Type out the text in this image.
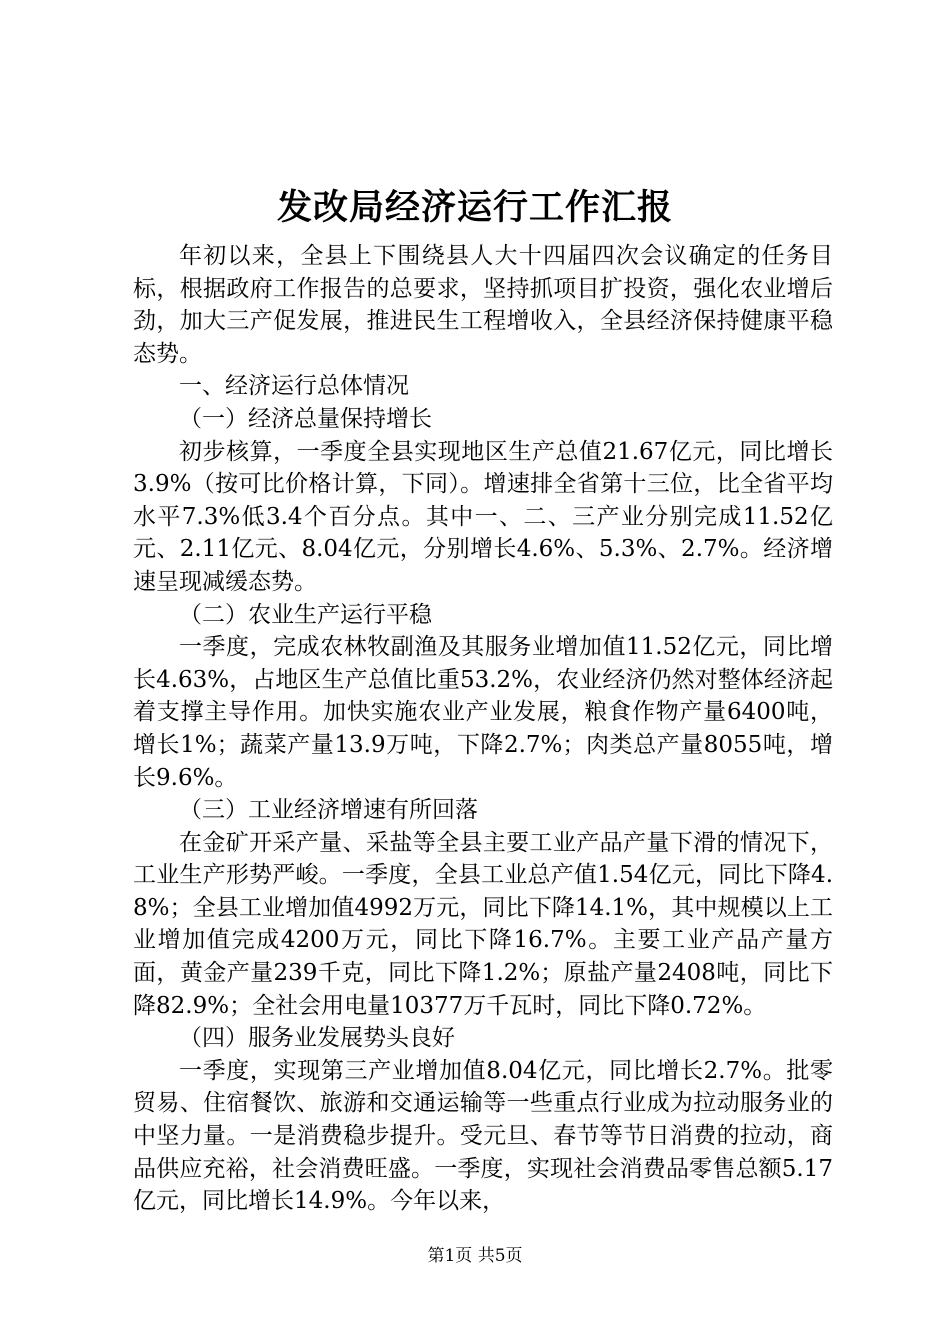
发改局经济运行工作汇报

年初以来，全县上下围绕县人大十四届四次会议确定的任务目标，根据政府工作报告的总要求，坚持抓项目扩投资，强化农业增后劲，加大三产促发展，推进民生工程增收入，全县经济保持健康平稳态势。

一、经济运行总体情况

（一）经济总量保持增长

初步核算，一季度全县实现地区生产总值21.67亿元，同比增长3.9%（按可比价格计算，下同）。增速排全省第十三位，比全省平均水平7.3%低3.4个百分点。其中一、二、三产业分别完成11.52亿元、2.11亿元、8.04亿元，分别增长4.6%、5.3%、2.7%。经济增速呈现减缓态势。

（二）农业生产运行平稳

一季度，完成农林牧副渔及其服务业增加值11.52亿元，同比增长4.63%，占地区生产总值比重53.2%，农业经济仍然对整体经济起着支撑主导作用。加快实施农业产业发展，粮食作物产量6400吨，增长1%；蔬菜产量13.9万吨，下降2.7%；肉类总产量8055吨，增长9.6%。

（三）工业经济增速有所回落

在金矿开采产量、采盐等全县主要工业产品产量下滑的情况下，工业生产形势严峻。一季度，全县工业总产值1.54亿元，同比下降4.8%；全县工业增加值4992万元，同比下降14.1%，其中规模以上工业增加值完成4200万元，同比下降16.7%。主要工业产品产量方面，黄金产量239千克，同比下降1.2%；原盐产量2408吨，同比下降82.9%；全社会用电量10377万千瓦时，同比下降0.72%。

（四）服务业发展势头良好

一季度，实现第三产业增加值8.04亿元，同比增长2.7%。批零贸易、住宿餐饮、旅游和交通运输等一些重点行业成为拉动服务业的中坚力量。一是消费稳步提升。受元旦、春节等节日消费的拉动，商品供应充裕，社会消费旺盛。一季度，实现社会消费品零售总额5.17亿元，同比增长14.9%。今年以来，

第1页 共5页
